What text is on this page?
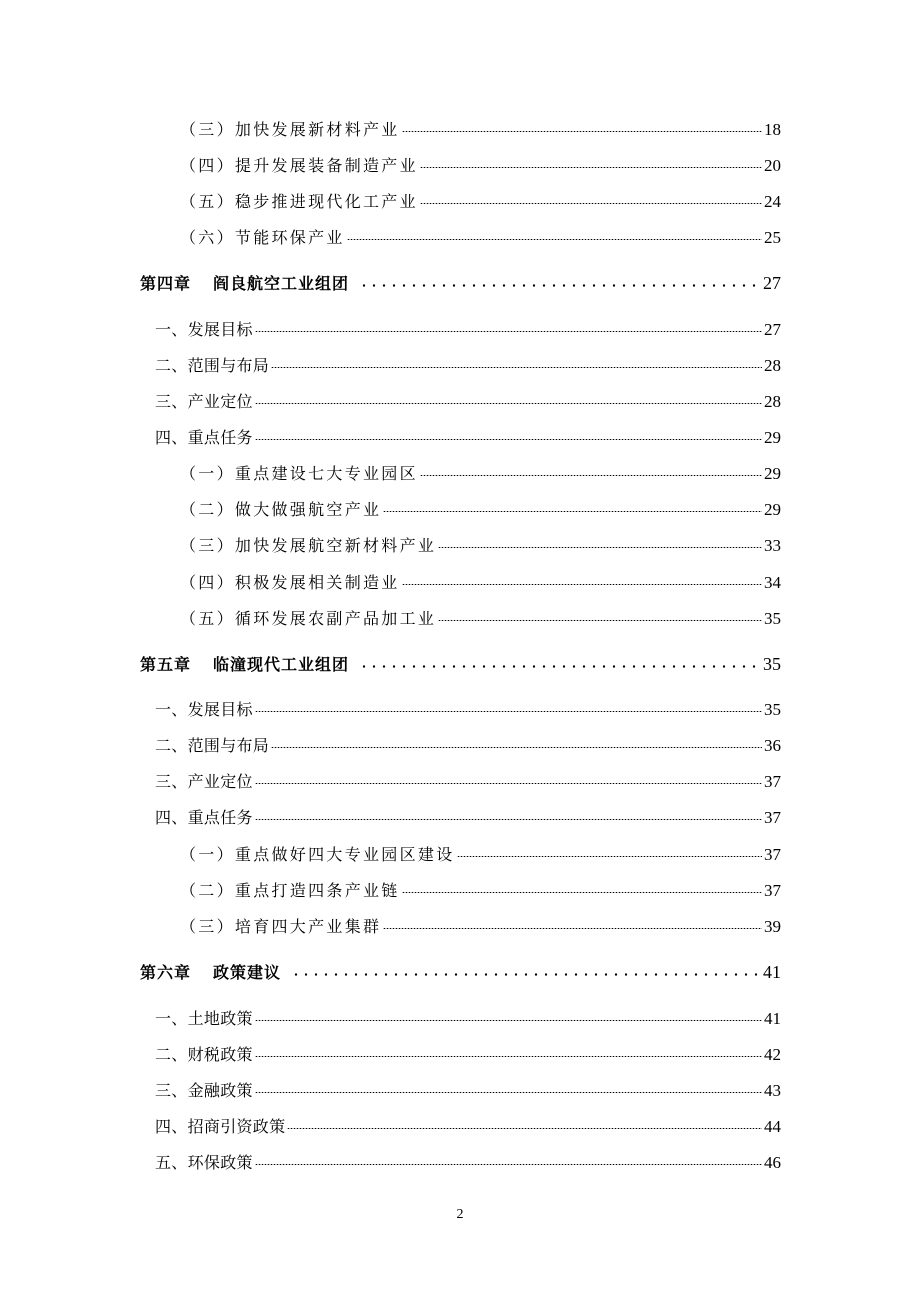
（三）加快发展新材料产业	18
（四）提升发展装备制造产业	20
（五）稳步推进现代化工产业	24
（六）节能环保产业	25
第四章 阎良航空工业组团	27
一、发展目标	27
二、范围与布局	28
三、产业定位	28
四、重点任务	29
（一）重点建设七大专业园区	29
（二）做大做强航空产业	29
（三）加快发展航空新材料产业	33
（四）积极发展相关制造业	34
（五）循环发展农副产品加工业	35
第五章 临潼现代工业组团	35
一、发展目标	35
二、范围与布局	36
三、产业定位	37
四、重点任务	37
（一）重点做好四大专业园区建设	37
（二）重点打造四条产业链	37
（三）培育四大产业集群	39
第六章 政策建议	41
一、土地政策	41
二、财税政策	42
三、金融政策	43
四、招商引资政策	44
五、环保政策	46
2
